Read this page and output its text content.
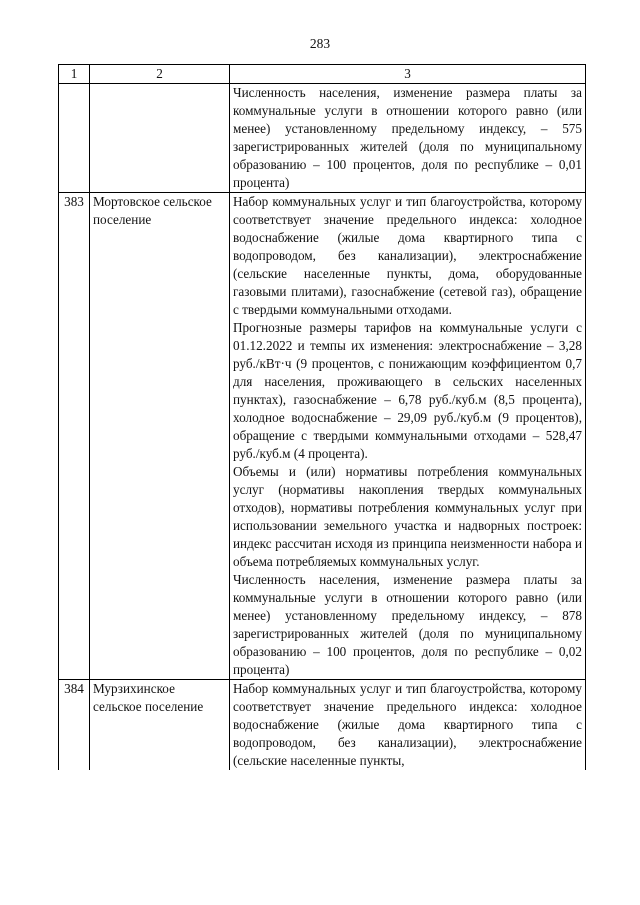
283
1	2	3

		Численность населения, изменение размера платы за коммунальные услуги в отношении которого равно (или менее) установленному предельному индексу, – 575 зарегистрированных жителей (доля по муниципальному образованию – 100 процентов, доля по республике – 0,01 процента)

383	Мортовское сельское поселение	Набор коммунальных услуг и тип благоустройства, которому соответствует значение предельного индекса: холодное водоснабжение (жилые дома квартирного типа с водопроводом, без канализации), электроснабжение (сельские населенные пункты, дома, оборудованные газовыми плитами), газоснабжение (сетевой газ), обращение с твердыми коммунальными отходами.

Прогнозные размеры тарифов на коммунальные услуги с 01.12.2022 и темпы их изменения: электроснабжение – 3,28 руб./кВт·ч (9 процентов, с понижающим коэффициентом 0,7 для населения, проживающего в сельских населенных пунктах), газоснабжение – 6,78 руб./куб.м (8,5 процента), холодное водоснабжение – 29,09 руб./куб.м (9 процентов), обращение с твердыми коммунальными отходами – 528,47 руб./куб.м (4 процента).

Объемы и (или) нормативы потребления коммунальных услуг (нормативы накопления твердых коммунальных отходов), нормативы потребления коммунальных услуг при использовании земельного участка и надворных построек: индекс рассчитан исходя из принципа неизменности набора и объема потребляемых коммунальных услуг.

Численность населения, изменение размера платы за коммунальные услуги в отношении которого равно (или менее) установленному предельному индексу, – 878 зарегистрированных жителей (доля по муниципальному образованию – 100 процентов, доля по республике – 0,02 процента)

384	Мурзихинское сельское поселение	Набор коммунальных услуг и тип благоустройства, которому соответствует значение предельного индекса: холодное водоснабжение (жилые дома квартирного типа с водопроводом, без канализации), электроснабжение (сельские населенные пункты,
